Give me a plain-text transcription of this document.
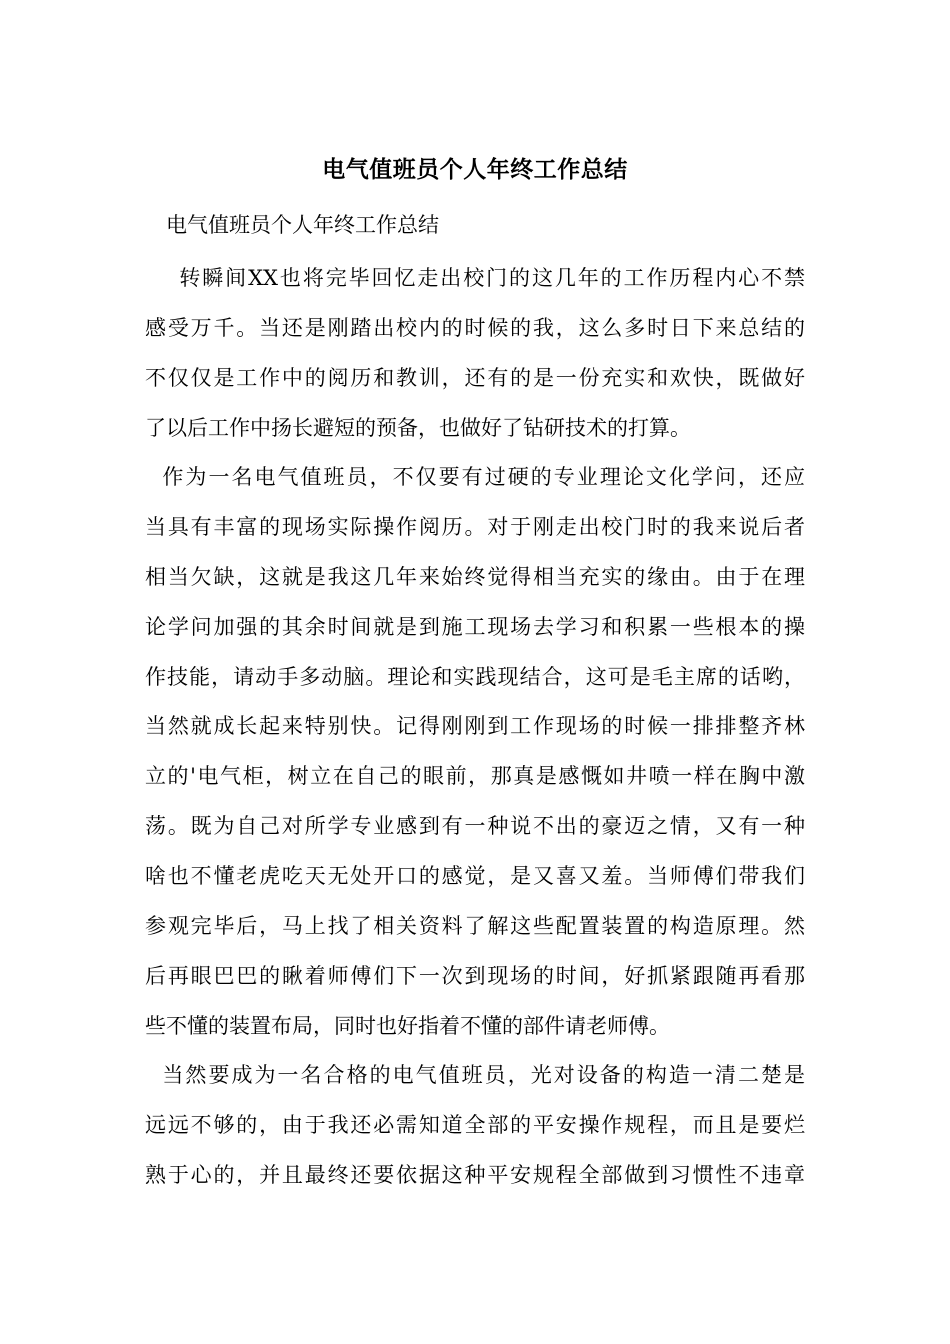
电气值班员个人年终工作总结
电气值班员个人年终工作总结
转瞬间XX也将完毕回忆走出校门的这几年的工作历程内心不禁
感受万千。当还是刚踏出校内的时候的我，这么多时日下来总结的
不仅仅是工作中的阅历和教训，还有的是一份充实和欢快，既做好
了以后工作中扬长避短的预备，也做好了钻研技术的打算。
作为一名电气值班员，不仅要有过硬的专业理论文化学问，还应
当具有丰富的现场实际操作阅历。对于刚走出校门时的我来说后者
相当欠缺，这就是我这几年来始终觉得相当充实的缘由。由于在理
论学问加强的其余时间就是到施工现场去学习和积累一些根本的操
作技能，请动手多动脑。理论和实践现结合，这可是毛主席的话哟，
当然就成长起来特别快。记得刚刚到工作现场的时候一排排整齐林
立的'电气柜，树立在自己的眼前，那真是感慨如井喷一样在胸中激
荡。既为自己对所学专业感到有一种说不出的豪迈之情，又有一种
啥也不懂老虎吃天无处开口的感觉，是又喜又羞。当师傅们带我们
参观完毕后，马上找了相关资料了解这些配置装置的构造原理。然
后再眼巴巴的瞅着师傅们下一次到现场的时间，好抓紧跟随再看那
些不懂的装置布局，同时也好指着不懂的部件请老师傅。
当然要成为一名合格的电气值班员，光对设备的构造一清二楚是
远远不够的，由于我还必需知道全部的平安操作规程，而且是要烂
熟于心的，并且最终还要依据这种平安规程全部做到习惯性不违章
